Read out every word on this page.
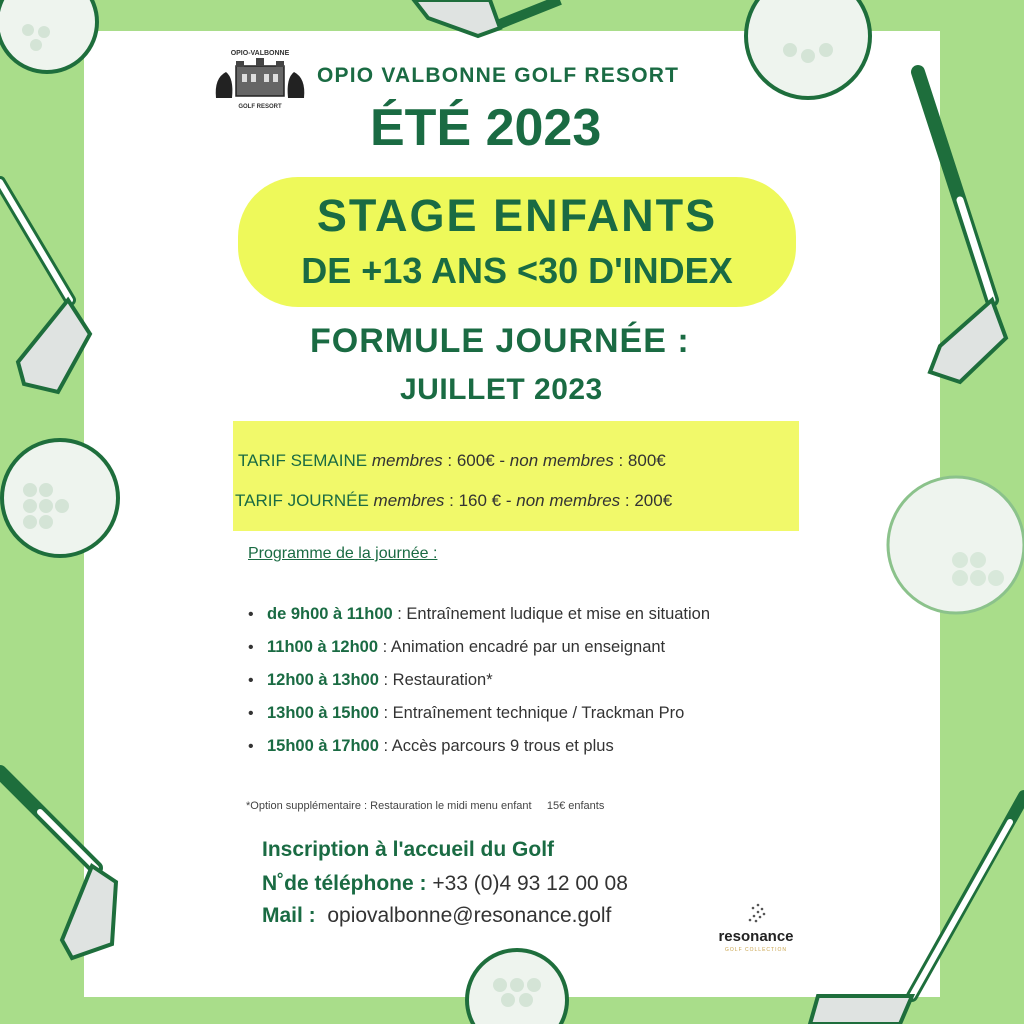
OPIO-VALBONNE
GOLF RESORT
OPIO VALBONNE GOLF RESORT
ÉTÉ 2023
STAGE ENFANTS
DE +13 ANS <30 D'INDEX
FORMULE JOURNÉE :
JUILLET 2023
TARIF SEMAINE membres : 600€ - non membres : 800€
TARIF JOURNÉE membres : 160 € - non membres : 200€
Programme de la journée :
• de 9h00 à 11h00 : Entraînement ludique et mise en situation
• 11h00 à 12h00 : Animation encadré par un enseignant
• 12h00 à 13h00 : Restauration*
• 13h00 à 15h00 : Entraînement technique / Trackman Pro
• 15h00 à 17h00 : Accès parcours 9 trous et plus
*Option supplémentaire : Restauration le midi menu enfant     15€ enfants
Inscription à l'accueil du Golf
N˚de téléphone : +33 (0)4 93 12 00 08
Mail :  opiovalbonne@resonance.golf
resonance
GOLF COLLECTION
